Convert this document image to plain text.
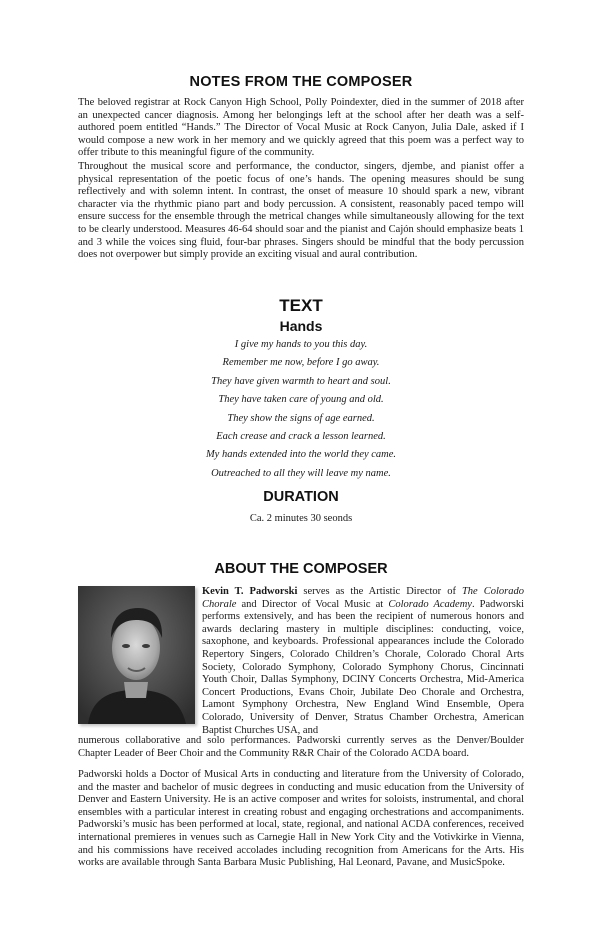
NOTES FROM THE COMPOSER

The beloved registrar at Rock Canyon High School, Polly Poindexter, died in the summer of 2018 after an unexpected cancer diagnosis. Among her belongings left at the school after her death was a self-authored poem entitled “Hands.” The Director of Vocal Music at Rock Canyon, Julia Dale, asked if I would compose a new work in her memory and we quickly agreed that this poem was a perfect way to offer tribute to this meaningful figure of the community.

Throughout the musical score and performance, the conductor, singers, djembe, and pianist offer a physical representation of the poetic focus of one’s hands. The opening measures should be sung reflectively and with solemn intent. In contrast, the onset of measure 10 should spark a new, vibrant character via the rhythmic piano part and body percussion. A consistent, reasonably paced tempo will ensure success for the ensemble through the metrical changes while simultaneously allowing for the text to be clearly understood. Measures 46-64 should soar and the pianist and Cajón should emphasize beats 1 and 3 while the voices sing fluid, four-bar phrases. Singers should be mindful that the body percussion does not overpower but simply provide an exciting visual and aural contribution.

TEXT
Hands
I give my hands to you this day.
Remember me now, before I go away.
They have given warmth to heart and soul.
They have taken care of young and old.
They show the signs of age earned.
Each crease and crack a lesson learned.
My hands extended into the world they came.
Outreached to all they will leave my name.
DURATION
Ca. 2 minutes 30 seonds
ABOUT THE COMPOSER

Kevin T. Padworski serves as the Artistic Director of The Colorado Chorale and Director of Vocal Music at Colorado Academy. Padworski performs extensively, and has been the recipient of numerous honors and awards declaring mastery in multiple disciplines: conducting, voice, saxophone, and keyboards. Professional appearances include the Colorado Repertory Singers, Colorado Children’s Chorale, Colorado Choral Arts Society, Colorado Symphony, Colorado Symphony Chorus, Cincinnati Youth Choir, Dallas Symphony, DCINY Concerts Orchestra, Mid-America Concert Productions, Evans Choir, Jubilate Deo Chorale and Orchestra, Lamont Symphony Orchestra, New England Wind Ensemble, Opera Colorado, University of Denver, Stratus Chamber Orchestra, American Baptist Churches USA, and

numerous collaborative and solo performances. Padworski currently serves as the Denver/Boulder Chapter Leader of Beer Choir and the Community R&R Chair of the Colorado ACDA board.

Padworski holds a Doctor of Musical Arts in conducting and literature from the University of Colorado, and the master and bachelor of music degrees in conducting and music education from the University of Denver and Eastern University. He is an active composer and writes for soloists, instrumental, and choral ensembles with a particular interest in creating robust and engaging orchestrations and accompaniments. Padworski’s music has been performed at local, state, regional, and national ACDA conferences, received international premieres in venues such as Carnegie Hall in New York City and the Votivkirke in Vienna, and his commissions have received accolades including recognition from Americans for the Arts. His works are available through Santa Barbara Music Publishing, Hal Leonard, Pavane, and MusicSpoke.
